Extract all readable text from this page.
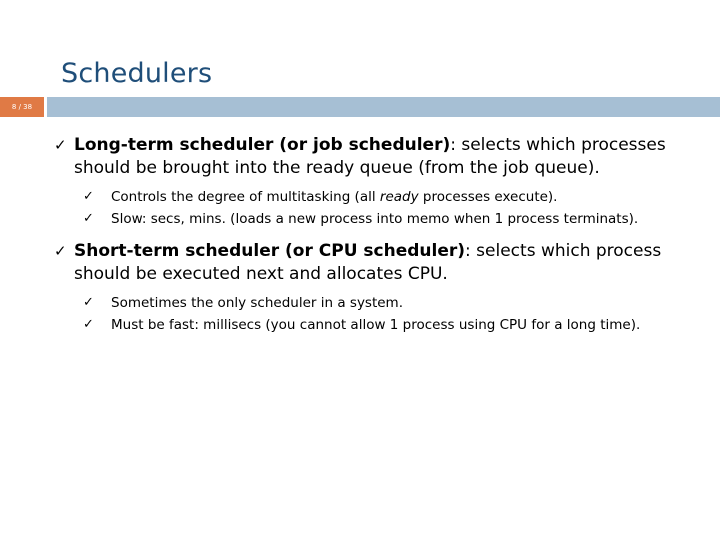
Schedulers
8 / 38
✓ Long-term scheduler (or job scheduler): selects which processes should be brought into the ready queue (from the job queue).
✓ Controls the degree of multitasking (all ready processes execute).
✓ Slow: secs, mins. (loads a new process into memo when 1 process terminats).
✓ Short-term scheduler (or CPU scheduler): selects which process should be executed next and allocates CPU.
✓ Sometimes the only scheduler in a system.
✓ Must be fast: millisecs (you cannot allow 1 process using CPU for a long time).
